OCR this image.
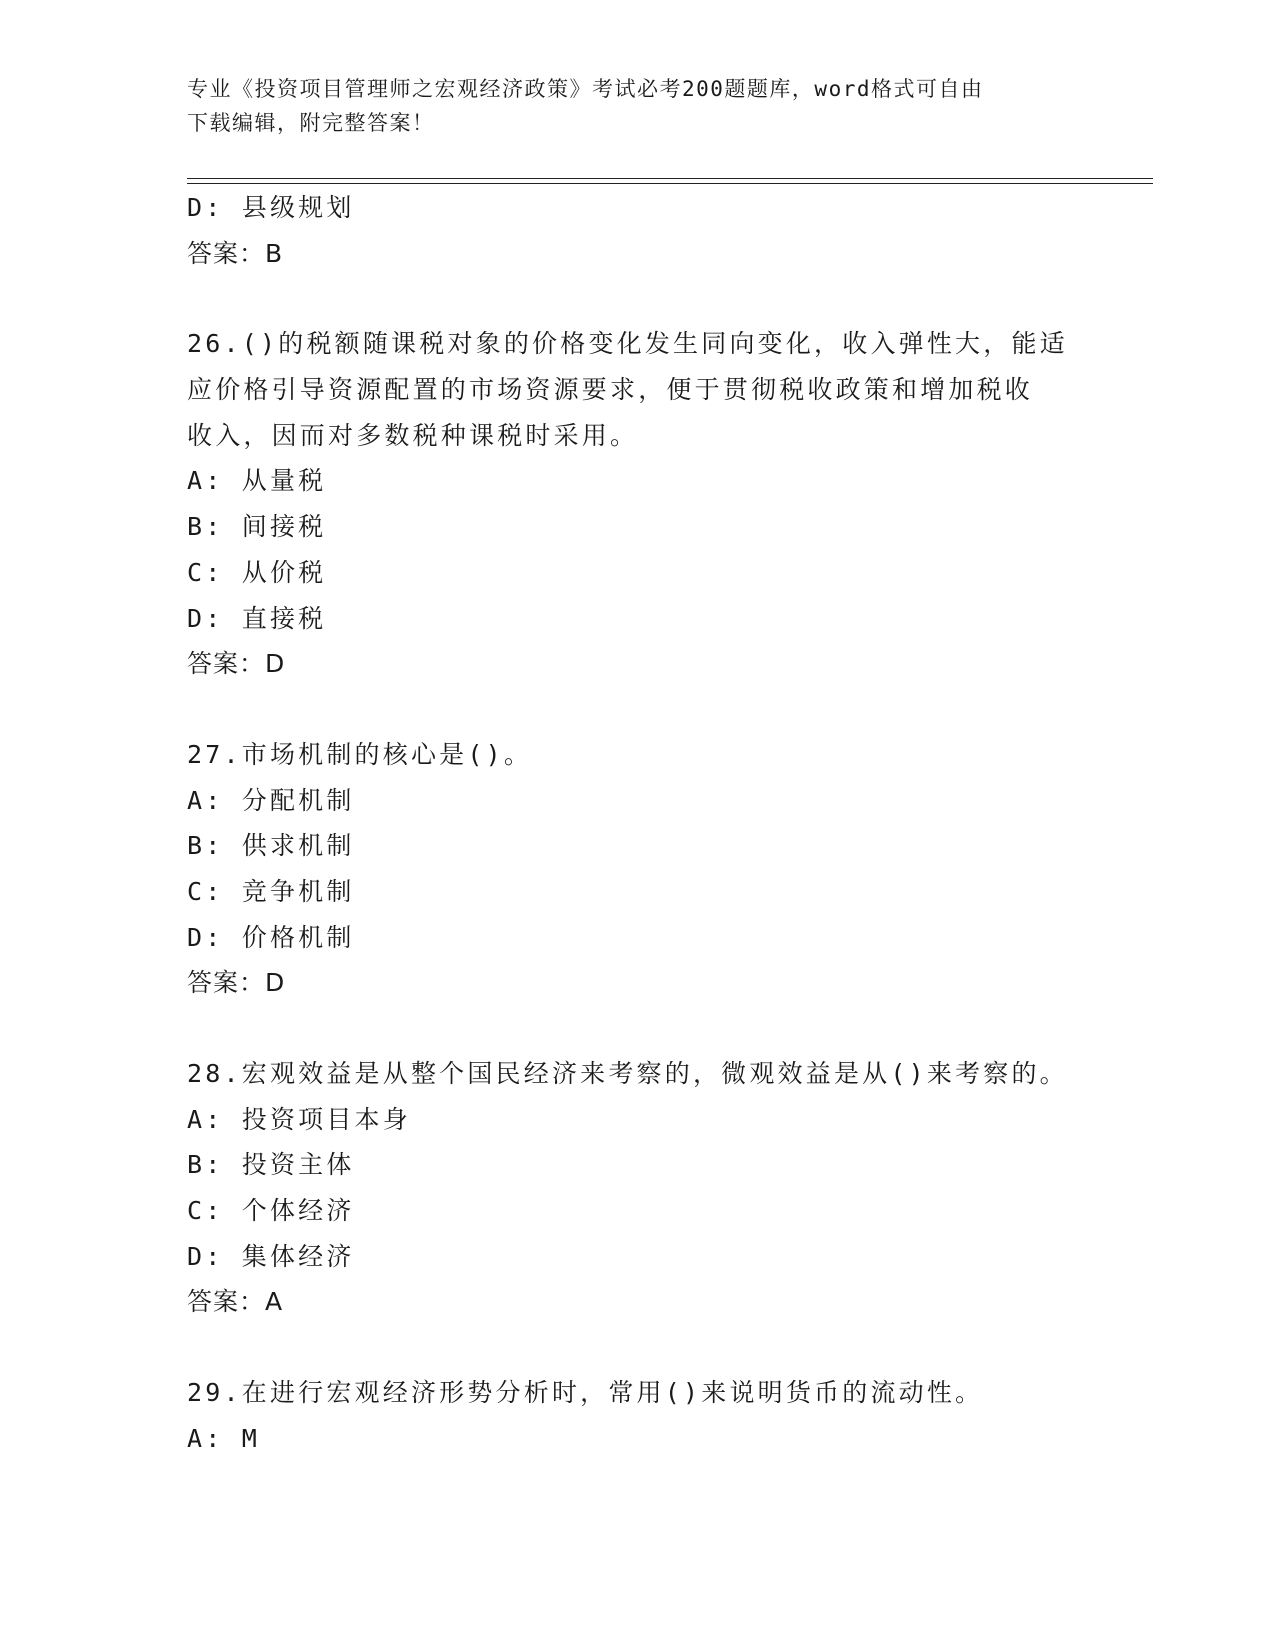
专业《投资项目管理师之宏观经济政策》考试必考200题题库，word格式可自由
下载编辑，附完整答案！
D: 县级规划
答案：B
26.()的税额随课税对象的价格变化发生同向变化，收入弹性大，能适
应价格引导资源配置的市场资源要求，便于贯彻税收政策和增加税收
收入，因而对多数税种课税时采用。
A: 从量税
B: 间接税
C: 从价税
D: 直接税
答案：D
27.市场机制的核心是()。
A: 分配机制
B: 供求机制
C: 竞争机制
D: 价格机制
答案：D
28.宏观效益是从整个国民经济来考察的，微观效益是从()来考察的。
A: 投资项目本身
B: 投资主体
C: 个体经济
D: 集体经济
答案：A
29.在进行宏观经济形势分析时，常用()来说明货币的流动性。
A: M
